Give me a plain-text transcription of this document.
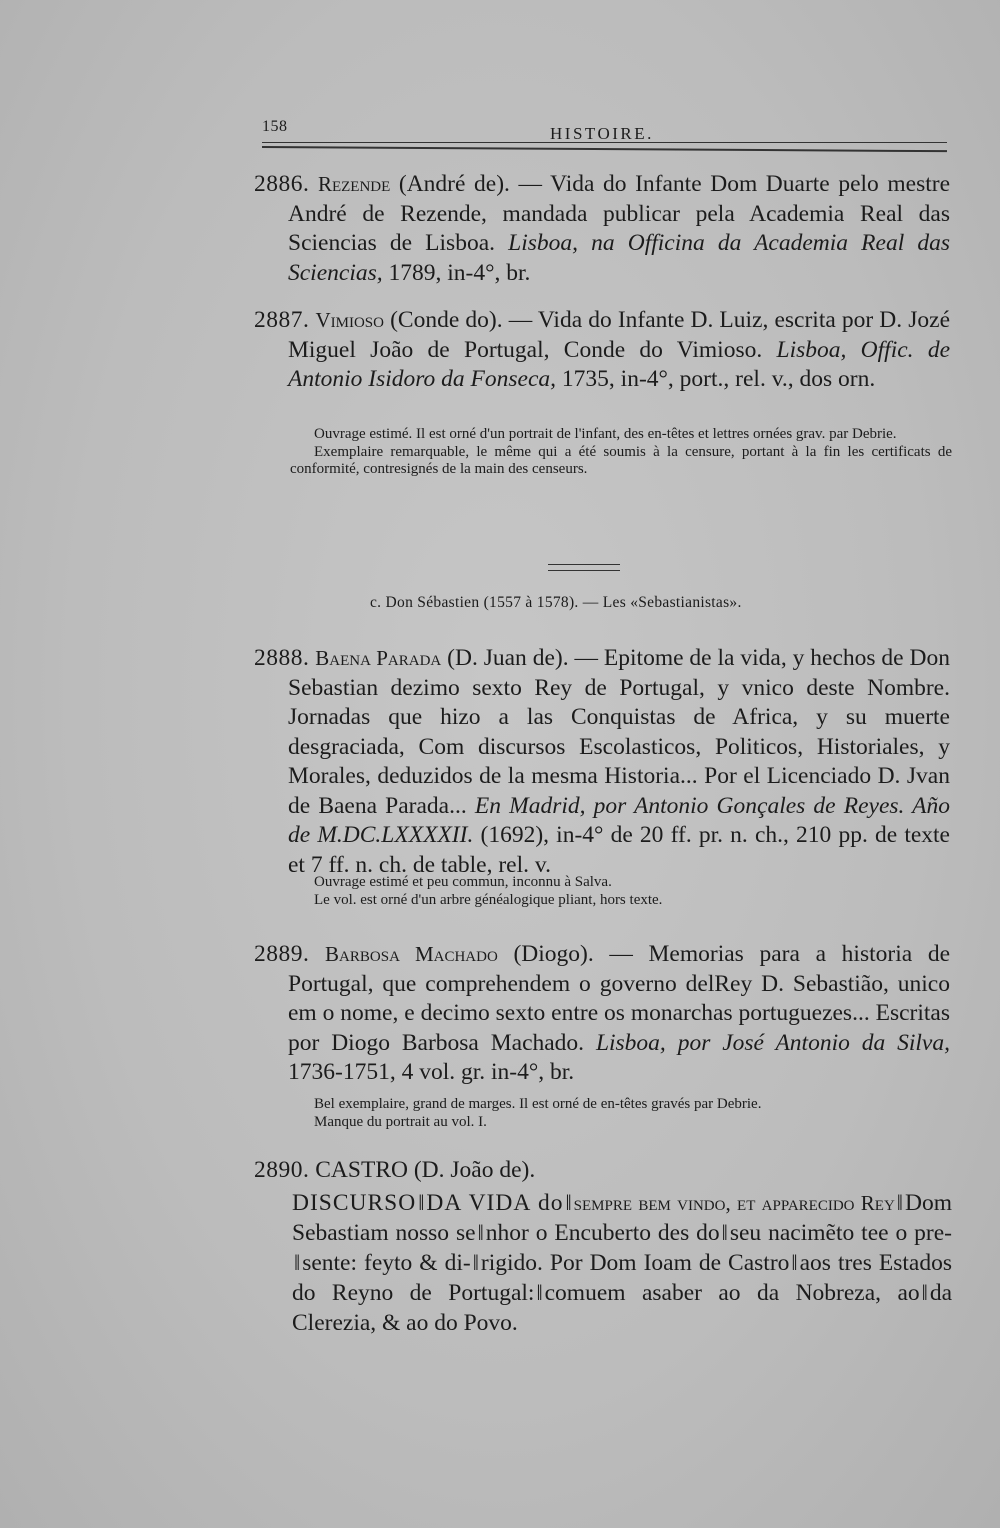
158	HISTOIRE.
2886. Rezende (André de). — Vida do Infante Dom Duarte pelo mestre André de Rezende, mandada publicar pela Academia Real das Sciencias de Lisboa. Lisboa, na Officina da Academia Real das Sciencias, 1789, in-4°, br.
2887. Vimioso (Conde do). — Vida do Infante D. Luiz, escrita por D. Jozé Miguel João de Portugal, Conde do Vimioso. Lisboa, Offic. de Antonio Isidoro da Fonseca, 1735, in-4°, port., rel. v., dos orn.

Ouvrage estimé. Il est orné d'un portrait de l'infant, des en-têtes et lettres ornées grav. par Debrie.

Exemplaire remarquable, le même qui a été soumis à la censure, portant à la fin les certificats de conformité, contresignés de la main des censeurs.

c. Don Sébastien (1557 à 1578). — Les «Sebastianistas».
2888. Baena Parada (D. Juan de). — Epitome de la vida, y hechos de Don Sebastian dezimo sexto Rey de Portugal, y vnico deste Nombre. Jornadas que hizo a las Conquistas de Africa, y su muerte desgraciada, Com discursos Escolasticos, Politicos, Historiales, y Morales, deduzidos de la mesma Historia... Por el Licenciado D. Jvan de Baena Parada... En Madrid, por Antonio Gonçales de Reyes. Año de M.DC.LXXXXII. (1692), in-4° de 20 ff. pr. n. ch., 210 pp. de texte et 7 ff. n. ch. de table, rel. v.

Ouvrage estimé et peu commun, inconnu à Salva.

Le vol. est orné d'un arbre généalogique pliant, hors texte.

2889. Barbosa Machado (Diogo). — Memorias para a historia de Portugal, que comprehendem o governo delRey D. Sebastião, unico em o nome, e decimo sexto entre os monarchas portuguezes... Escritas por Diogo Barbosa Machado. Lisboa, por José Antonio da Silva, 1736-1751, 4 vol. gr. in-4°, br.

Bel exemplaire, grand de marges. Il est orné de en-têtes gravés par Debrie.

Manque du portrait au vol. I.

2890. CASTRO (D. João de).
DISCURSO‖DA VIDA do‖sempre bem vindo, et apparecido Rey‖Dom Sebastiam nosso se‖nhor o Encuberto des do‖seu nacimẽto tee o pre-‖sente: feyto & di-‖rigido. Por Dom Ioam de Castro‖aos tres Estados do Reyno de Portugal:‖comuem asaber ao da Nobreza, ao‖da Clerezia, & ao do Povo.
